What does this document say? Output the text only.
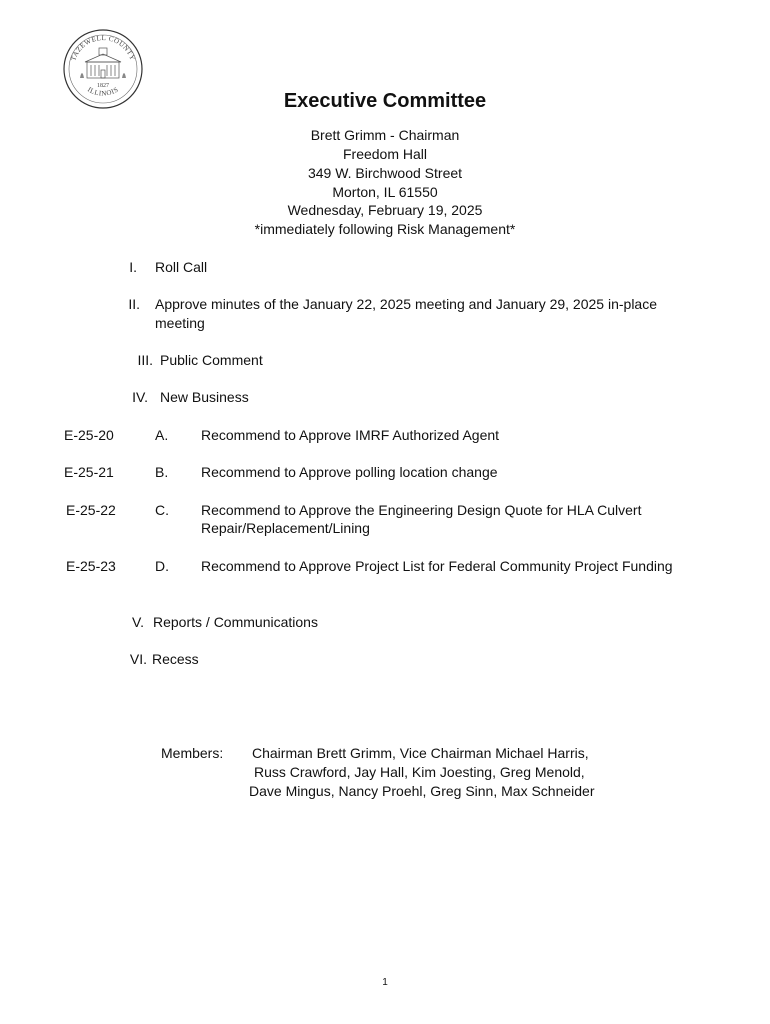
TAZEWELL COUNTY
ILLINOIS
1827
Executive Committee
Brett Grimm - Chairman
Freedom Hall
349 W. Birchwood Street
Morton, IL 61550
Wednesday, February 19, 2025
*immediately following Risk Management*
I. Roll Call
II. Approve minutes of the January 22, 2025 meeting and January 29, 2025 in-place
meeting
III. Public Comment
IV. New Business
E-25-20	A. Recommend to Approve IMRF Authorized Agent
E-25-21	B. Recommend to Approve polling location change
E-25-22	C. Recommend to Approve the Engineering Design Quote for HLA Culvert
Repair/Replacement/Lining
E-25-23	D. Recommend to Approve Project List for Federal Community Project Funding
V. Reports / Communications
VI. Recess
Members: Chairman Brett Grimm, Vice Chairman Michael Harris,
Russ Crawford, Jay Hall, Kim Joesting, Greg Menold,
Dave Mingus, Nancy Proehl, Greg Sinn, Max Schneider
1
